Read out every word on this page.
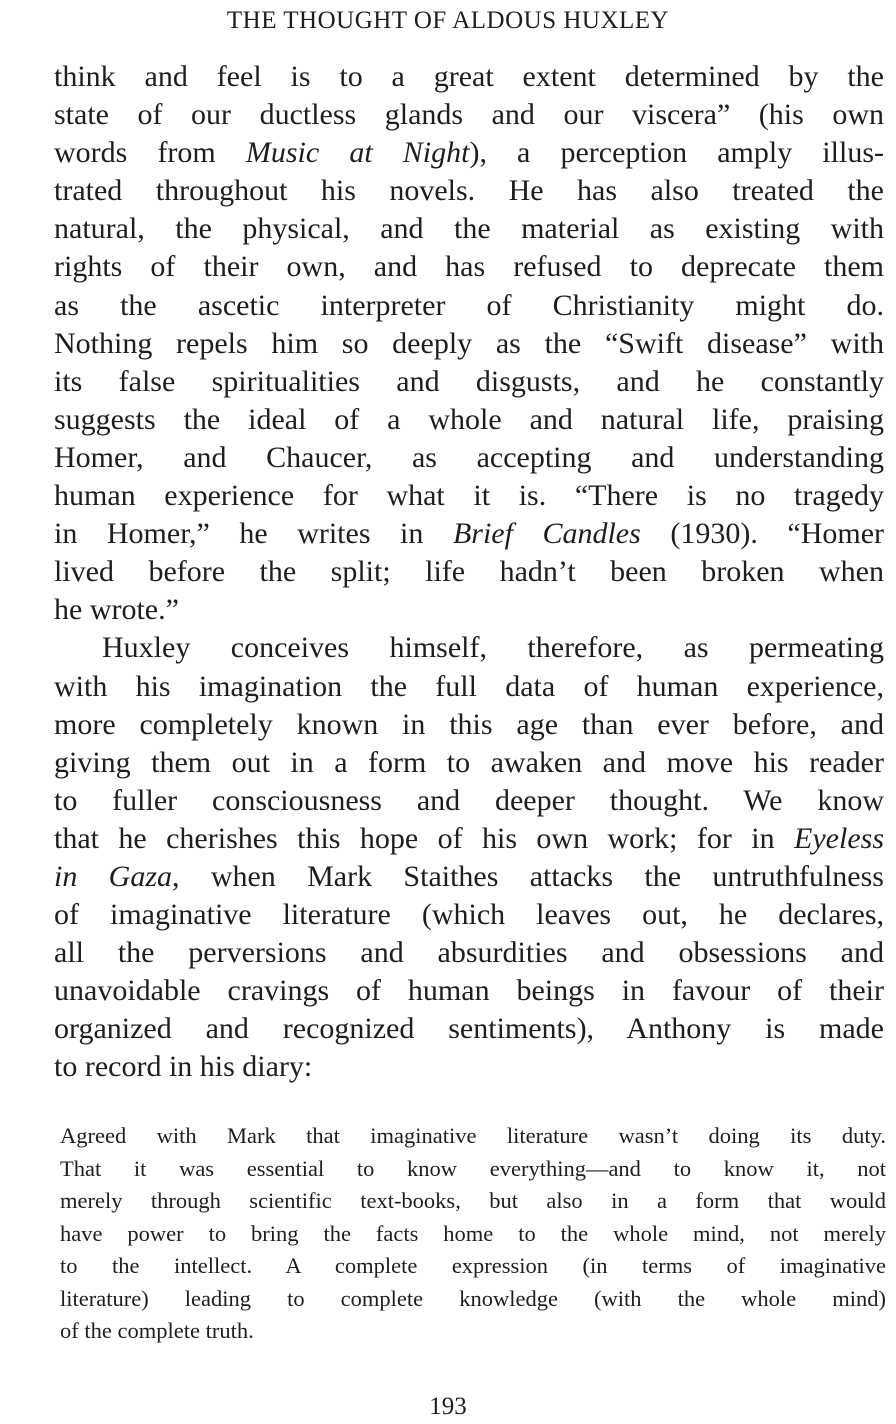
THE THOUGHT OF ALDOUS HUXLEY
think and feel is to a great extent determined by the
state of our ductless glands and our viscera” (his own
words from Music at Night), a perception amply illus-
trated throughout his novels. He has also treated the
natural, the physical, and the material as existing with
rights of their own, and has refused to deprecate them
as the ascetic interpreter of Christianity might do.
Nothing repels him so deeply as the “Swift disease” with
its false spiritualities and disgusts, and he constantly
suggests the ideal of a whole and natural life, praising
Homer, and Chaucer, as accepting and understanding
human experience for what it is. “There is no tragedy
in Homer,” he writes in Brief Candles (1930). “Homer
lived before the split; life hadn’t been broken when
he wrote.”
Huxley conceives himself, therefore, as permeating
with his imagination the full data of human experience,
more completely known in this age than ever before, and
giving them out in a form to awaken and move his reader
to fuller consciousness and deeper thought. We know
that he cherishes this hope of his own work; for in Eyeless
in Gaza, when Mark Staithes attacks the untruthfulness
of imaginative literature (which leaves out, he declares,
all the perversions and absurdities and obsessions and
unavoidable cravings of human beings in favour of their
organized and recognized sentiments), Anthony is made
to record in his diary:
Agreed with Mark that imaginative literature wasn’t doing its duty.
That it was essential to know everything—and to know it, not
merely through scientific text-books, but also in a form that would
have power to bring the facts home to the whole mind, not merely
to the intellect. A complete expression (in terms of imaginative
literature) leading to complete knowledge (with the whole mind)
of the complete truth.
193
